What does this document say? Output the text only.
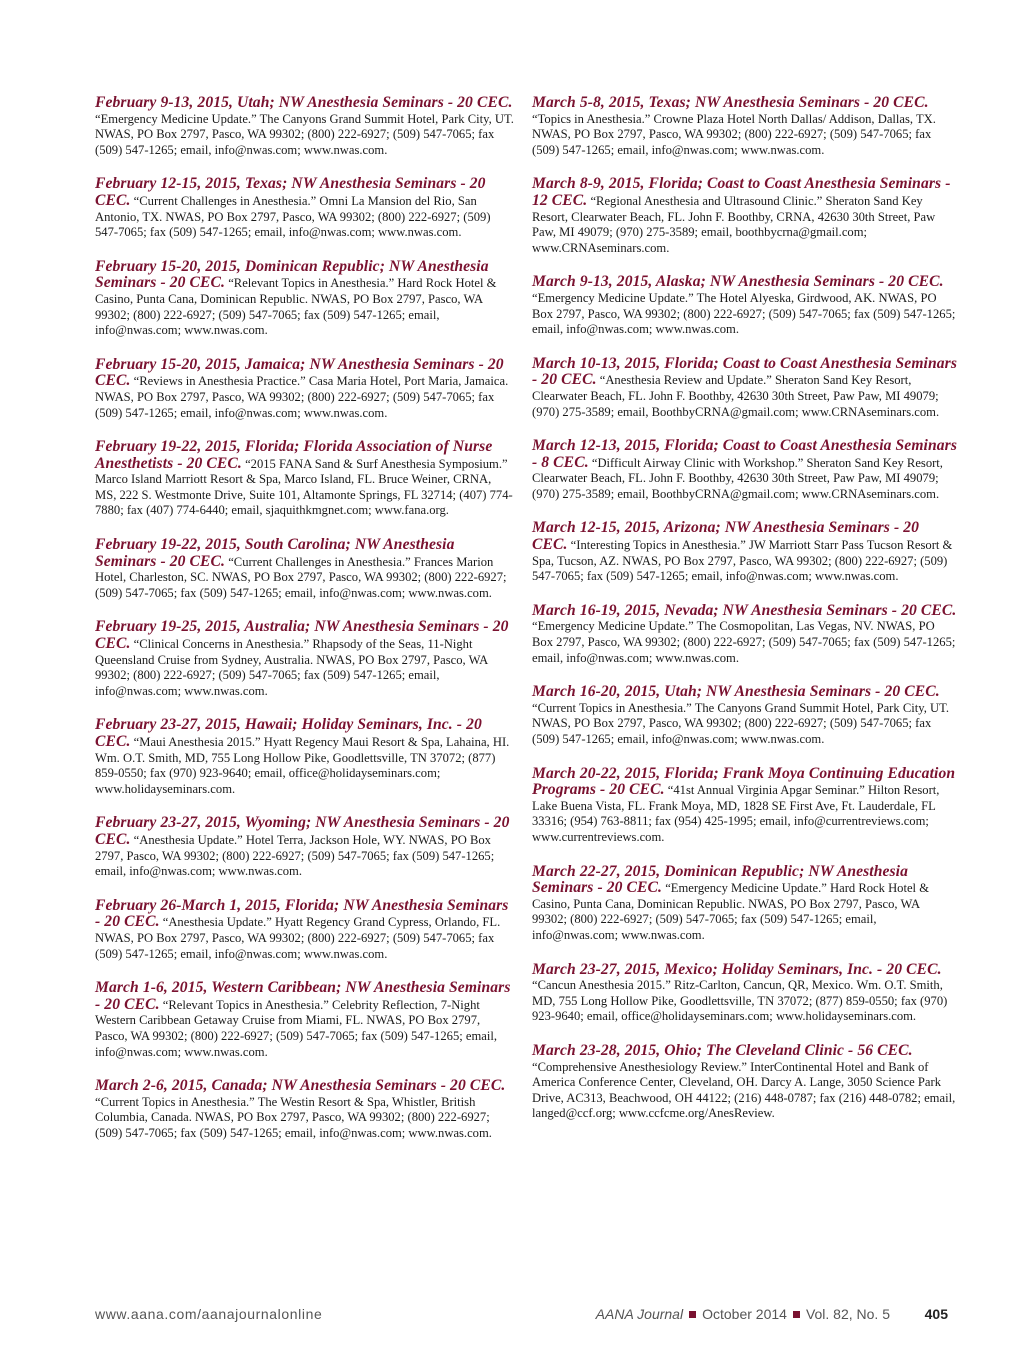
February 9-13, 2015, Utah; NW Anesthesia Seminars - 20 CEC. “Emergency Medicine Update.” The Canyons Grand Summit Hotel, Park City, UT. NWAS, PO Box 2797, Pasco, WA 99302; (800) 222-6927; (509) 547-7065; fax (509) 547-1265; email, info@nwas.com; www.nwas.com.
February 12-15, 2015, Texas; NW Anesthesia Seminars - 20 CEC. “Current Challenges in Anesthesia.” Omni La Mansion del Rio, San Antonio, TX. NWAS, PO Box 2797, Pasco, WA 99302; (800) 222-6927; (509) 547-7065; fax (509) 547-1265; email, info@nwas.com; www.nwas.com.
February 15-20, 2015, Dominican Republic; NW Anesthesia Seminars - 20 CEC. “Relevant Topics in Anesthesia.” Hard Rock Hotel & Casino, Punta Cana, Dominican Republic. NWAS, PO Box 2797, Pasco, WA 99302; (800) 222-6927; (509) 547-7065; fax (509) 547-1265; email, info@nwas.com; www.nwas.com.
February 15-20, 2015, Jamaica; NW Anesthesia Seminars - 20 CEC. “Reviews in Anesthesia Practice.” Casa Maria Hotel, Port Maria, Jamaica. NWAS, PO Box 2797, Pasco, WA 99302; (800) 222-6927; (509) 547-7065; fax (509) 547-1265; email, info@nwas.com; www.nwas.com.
February 19-22, 2015, Florida; Florida Association of Nurse Anesthetists - 20 CEC. “2015 FANA Sand & Surf Anesthesia Symposium.” Marco Island Marriott Resort & Spa, Marco Island, FL. Bruce Weiner, CRNA, MS, 222 S. Westmonte Drive, Suite 101, Altamonte Springs, FL 32714; (407) 774-7880; fax (407) 774-6440; email, sjaquithkmgnet.com; www.fana.org.
February 19-22, 2015, South Carolina; NW Anesthesia Seminars - 20 CEC. “Current Challenges in Anesthesia.” Frances Marion Hotel, Charleston, SC. NWAS, PO Box 2797, Pasco, WA 99302; (800) 222-6927; (509) 547-7065; fax (509) 547-1265; email, info@nwas.com; www.nwas.com.
February 19-25, 2015, Australia; NW Anesthesia Seminars - 20 CEC. “Clinical Concerns in Anesthesia.” Rhapsody of the Seas, 11-Night Queensland Cruise from Sydney, Australia. NWAS, PO Box 2797, Pasco, WA 99302; (800) 222-6927; (509) 547-7065; fax (509) 547-1265; email, info@nwas.com; www.nwas.com.
February 23-27, 2015, Hawaii; Holiday Seminars, Inc. - 20 CEC. “Maui Anesthesia 2015.” Hyatt Regency Maui Resort & Spa, Lahaina, HI. Wm. O.T. Smith, MD, 755 Long Hollow Pike, Goodlettsville, TN 37072; (877) 859-0550; fax (970) 923-9640; email, office@holidayseminars.com; www.holidayseminars.com.
February 23-27, 2015, Wyoming; NW Anesthesia Seminars - 20 CEC. “Anesthesia Update.” Hotel Terra, Jackson Hole, WY. NWAS, PO Box 2797, Pasco, WA 99302; (800) 222-6927; (509) 547-7065; fax (509) 547-1265; email, info@nwas.com; www.nwas.com.
February 26-March 1, 2015, Florida; NW Anesthesia Seminars - 20 CEC. “Anesthesia Update.” Hyatt Regency Grand Cypress, Orlando, FL. NWAS, PO Box 2797, Pasco, WA 99302; (800) 222-6927; (509) 547-7065; fax (509) 547-1265; email, info@nwas.com; www.nwas.com.
March 1-6, 2015, Western Caribbean; NW Anesthesia Seminars - 20 CEC. “Relevant Topics in Anesthesia.” Celebrity Reflection, 7-Night Western Caribbean Getaway Cruise from Miami, FL. NWAS, PO Box 2797, Pasco, WA 99302; (800) 222-6927; (509) 547-7065; fax (509) 547-1265; email, info@nwas.com; www.nwas.com.
March 2-6, 2015, Canada; NW Anesthesia Seminars - 20 CEC. “Current Topics in Anesthesia.” The Westin Resort & Spa, Whistler, British Columbia, Canada. NWAS, PO Box 2797, Pasco, WA 99302; (800) 222-6927; (509) 547-7065; fax (509) 547-1265; email, info@nwas.com; www.nwas.com.
March 5-8, 2015, Texas; NW Anesthesia Seminars - 20 CEC. “Topics in Anesthesia.” Crowne Plaza Hotel North Dallas/ Addison, Dallas, TX. NWAS, PO Box 2797, Pasco, WA 99302; (800) 222-6927; (509) 547-7065; fax (509) 547-1265; email, info@nwas.com; www.nwas.com.
March 8-9, 2015, Florida; Coast to Coast Anesthesia Seminars - 12 CEC. “Regional Anesthesia and Ultrasound Clinic.” Sheraton Sand Key Resort, Clearwater Beach, FL. John F. Boothby, CRNA, 42630 30th Street, Paw Paw, MI 49079; (970) 275-3589; email, boothbycrna@gmail.com; www.CRNAseminars.com.
March 9-13, 2015, Alaska; NW Anesthesia Seminars - 20 CEC. “Emergency Medicine Update.” The Hotel Alyeska, Girdwood, AK. NWAS, PO Box 2797, Pasco, WA 99302; (800) 222-6927; (509) 547-7065; fax (509) 547-1265; email, info@nwas.com; www.nwas.com.
March 10-13, 2015, Florida; Coast to Coast Anesthesia Seminars - 20 CEC. “Anesthesia Review and Update.” Sheraton Sand Key Resort, Clearwater Beach, FL. John F. Boothby, 42630 30th Street, Paw Paw, MI 49079; (970) 275-3589; email, BoothbyCRNA@gmail.com; www.CRNAseminars.com.
March 12-13, 2015, Florida; Coast to Coast Anesthesia Seminars - 8 CEC. “Difficult Airway Clinic with Workshop.” Sheraton Sand Key Resort, Clearwater Beach, FL. John F. Boothby, 42630 30th Street, Paw Paw, MI 49079; (970) 275-3589; email, BoothbyCRNA@gmail.com; www.CRNAseminars.com.
March 12-15, 2015, Arizona; NW Anesthesia Seminars - 20 CEC. “Interesting Topics in Anesthesia.” JW Marriott Starr Pass Tucson Resort & Spa, Tucson, AZ. NWAS, PO Box 2797, Pasco, WA 99302; (800) 222-6927; (509) 547-7065; fax (509) 547-1265; email, info@nwas.com; www.nwas.com.
March 16-19, 2015, Nevada; NW Anesthesia Seminars - 20 CEC. “Emergency Medicine Update.” The Cosmopolitan, Las Vegas, NV. NWAS, PO Box 2797, Pasco, WA 99302; (800) 222-6927; (509) 547-7065; fax (509) 547-1265; email, info@nwas.com; www.nwas.com.
March 16-20, 2015, Utah; NW Anesthesia Seminars - 20 CEC. “Current Topics in Anesthesia.” The Canyons Grand Summit Hotel, Park City, UT. NWAS, PO Box 2797, Pasco, WA 99302; (800) 222-6927; (509) 547-7065; fax (509) 547-1265; email, info@nwas.com; www.nwas.com.
March 20-22, 2015, Florida; Frank Moya Continuing Education Programs - 20 CEC. “41st Annual Virginia Apgar Seminar.” Hilton Resort, Lake Buena Vista, FL. Frank Moya, MD, 1828 SE First Ave, Ft. Lauderdale, FL 33316; (954) 763-8811; fax (954) 425-1995; email, info@currentreviews.com; www.currentreviews.com.
March 22-27, 2015, Dominican Republic; NW Anesthesia Seminars - 20 CEC. “Emergency Medicine Update.” Hard Rock Hotel & Casino, Punta Cana, Dominican Republic. NWAS, PO Box 2797, Pasco, WA 99302; (800) 222-6927; (509) 547-7065; fax (509) 547-1265; email, info@nwas.com; www.nwas.com.
March 23-27, 2015, Mexico; Holiday Seminars, Inc. - 20 CEC. “Cancun Anesthesia 2015.” Ritz-Carlton, Cancun, QR, Mexico. Wm. O.T. Smith, MD, 755 Long Hollow Pike, Goodlettsville, TN 37072; (877) 859-0550; fax (970) 923-9640; email, office@holidayseminars.com; www.holidayseminars.com.
March 23-28, 2015, Ohio; The Cleveland Clinic - 56 CEC. “Comprehensive Anesthesiology Review.” InterContinental Hotel and Bank of America Conference Center, Cleveland, OH. Darcy A. Lange, 3050 Science Park Drive, AC313, Beachwood, OH 44122; (216) 448-0787; fax (216) 448-0782; email, langed@ccf.org; www.ccfcme.org/AnesReview.
www.aana.com/aanajournalonline	AANA Journal October 2014 Vol. 82, No. 5 405
